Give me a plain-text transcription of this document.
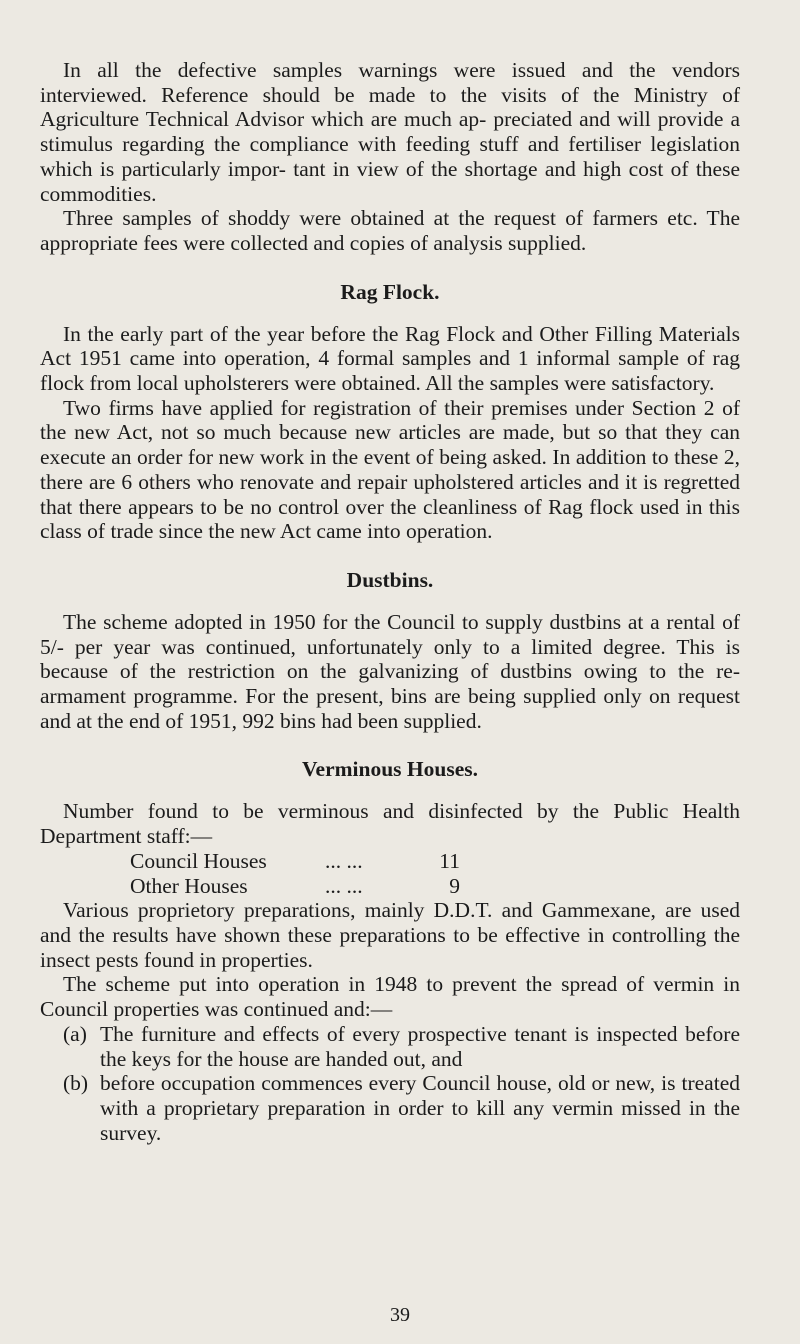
In all the defective samples warnings were issued and the vendors interviewed. Reference should be made to the visits of the Ministry of Agriculture Technical Advisor which are much ap- preciated and will provide a stimulus regarding the compliance with feeding stuff and fertiliser legislation which is particularly impor- tant in view of the shortage and high cost of these commodities.

Three samples of shoddy were obtained at the request of farmers etc. The appropriate fees were collected and copies of analysis supplied.

Rag Flock.

In the early part of the year before the Rag Flock and Other Filling Materials Act 1951 came into operation, 4 formal samples and 1 informal sample of rag flock from local upholsterers were obtained. All the samples were satisfactory.

Two firms have applied for registration of their premises under Section 2 of the new Act, not so much because new articles are made, but so that they can execute an order for new work in the event of being asked. In addition to these 2, there are 6 others who renovate and repair upholstered articles and it is regretted that there appears to be no control over the cleanliness of Rag flock used in this class of trade since the new Act came into operation.

Dustbins.

The scheme adopted in 1950 for the Council to supply dustbins at a rental of 5/- per year was continued, unfortunately only to a limited degree. This is because of the restriction on the galvanizing of dustbins owing to the re-armament programme. For the present, bins are being supplied only on request and at the end of 1951, 992 bins had been supplied.

Verminous Houses.

Number found to be verminous and disinfected by the Public Health Department staff:—

Council Houses	... ...	11
Other Houses	... ...	9

Various proprietory preparations, mainly D.D.T. and Gammexane, are used and the results have shown these preparations to be effective in controlling the insect pests found in properties.

The scheme put into operation in 1948 to prevent the spread of vermin in Council properties was continued and:—

(a) The furniture and effects of every prospective tenant is inspected before the keys for the house are handed out, and

(b) before occupation commences every Council house, old or new, is treated with a proprietary preparation in order to kill any vermin missed in the survey.

39
